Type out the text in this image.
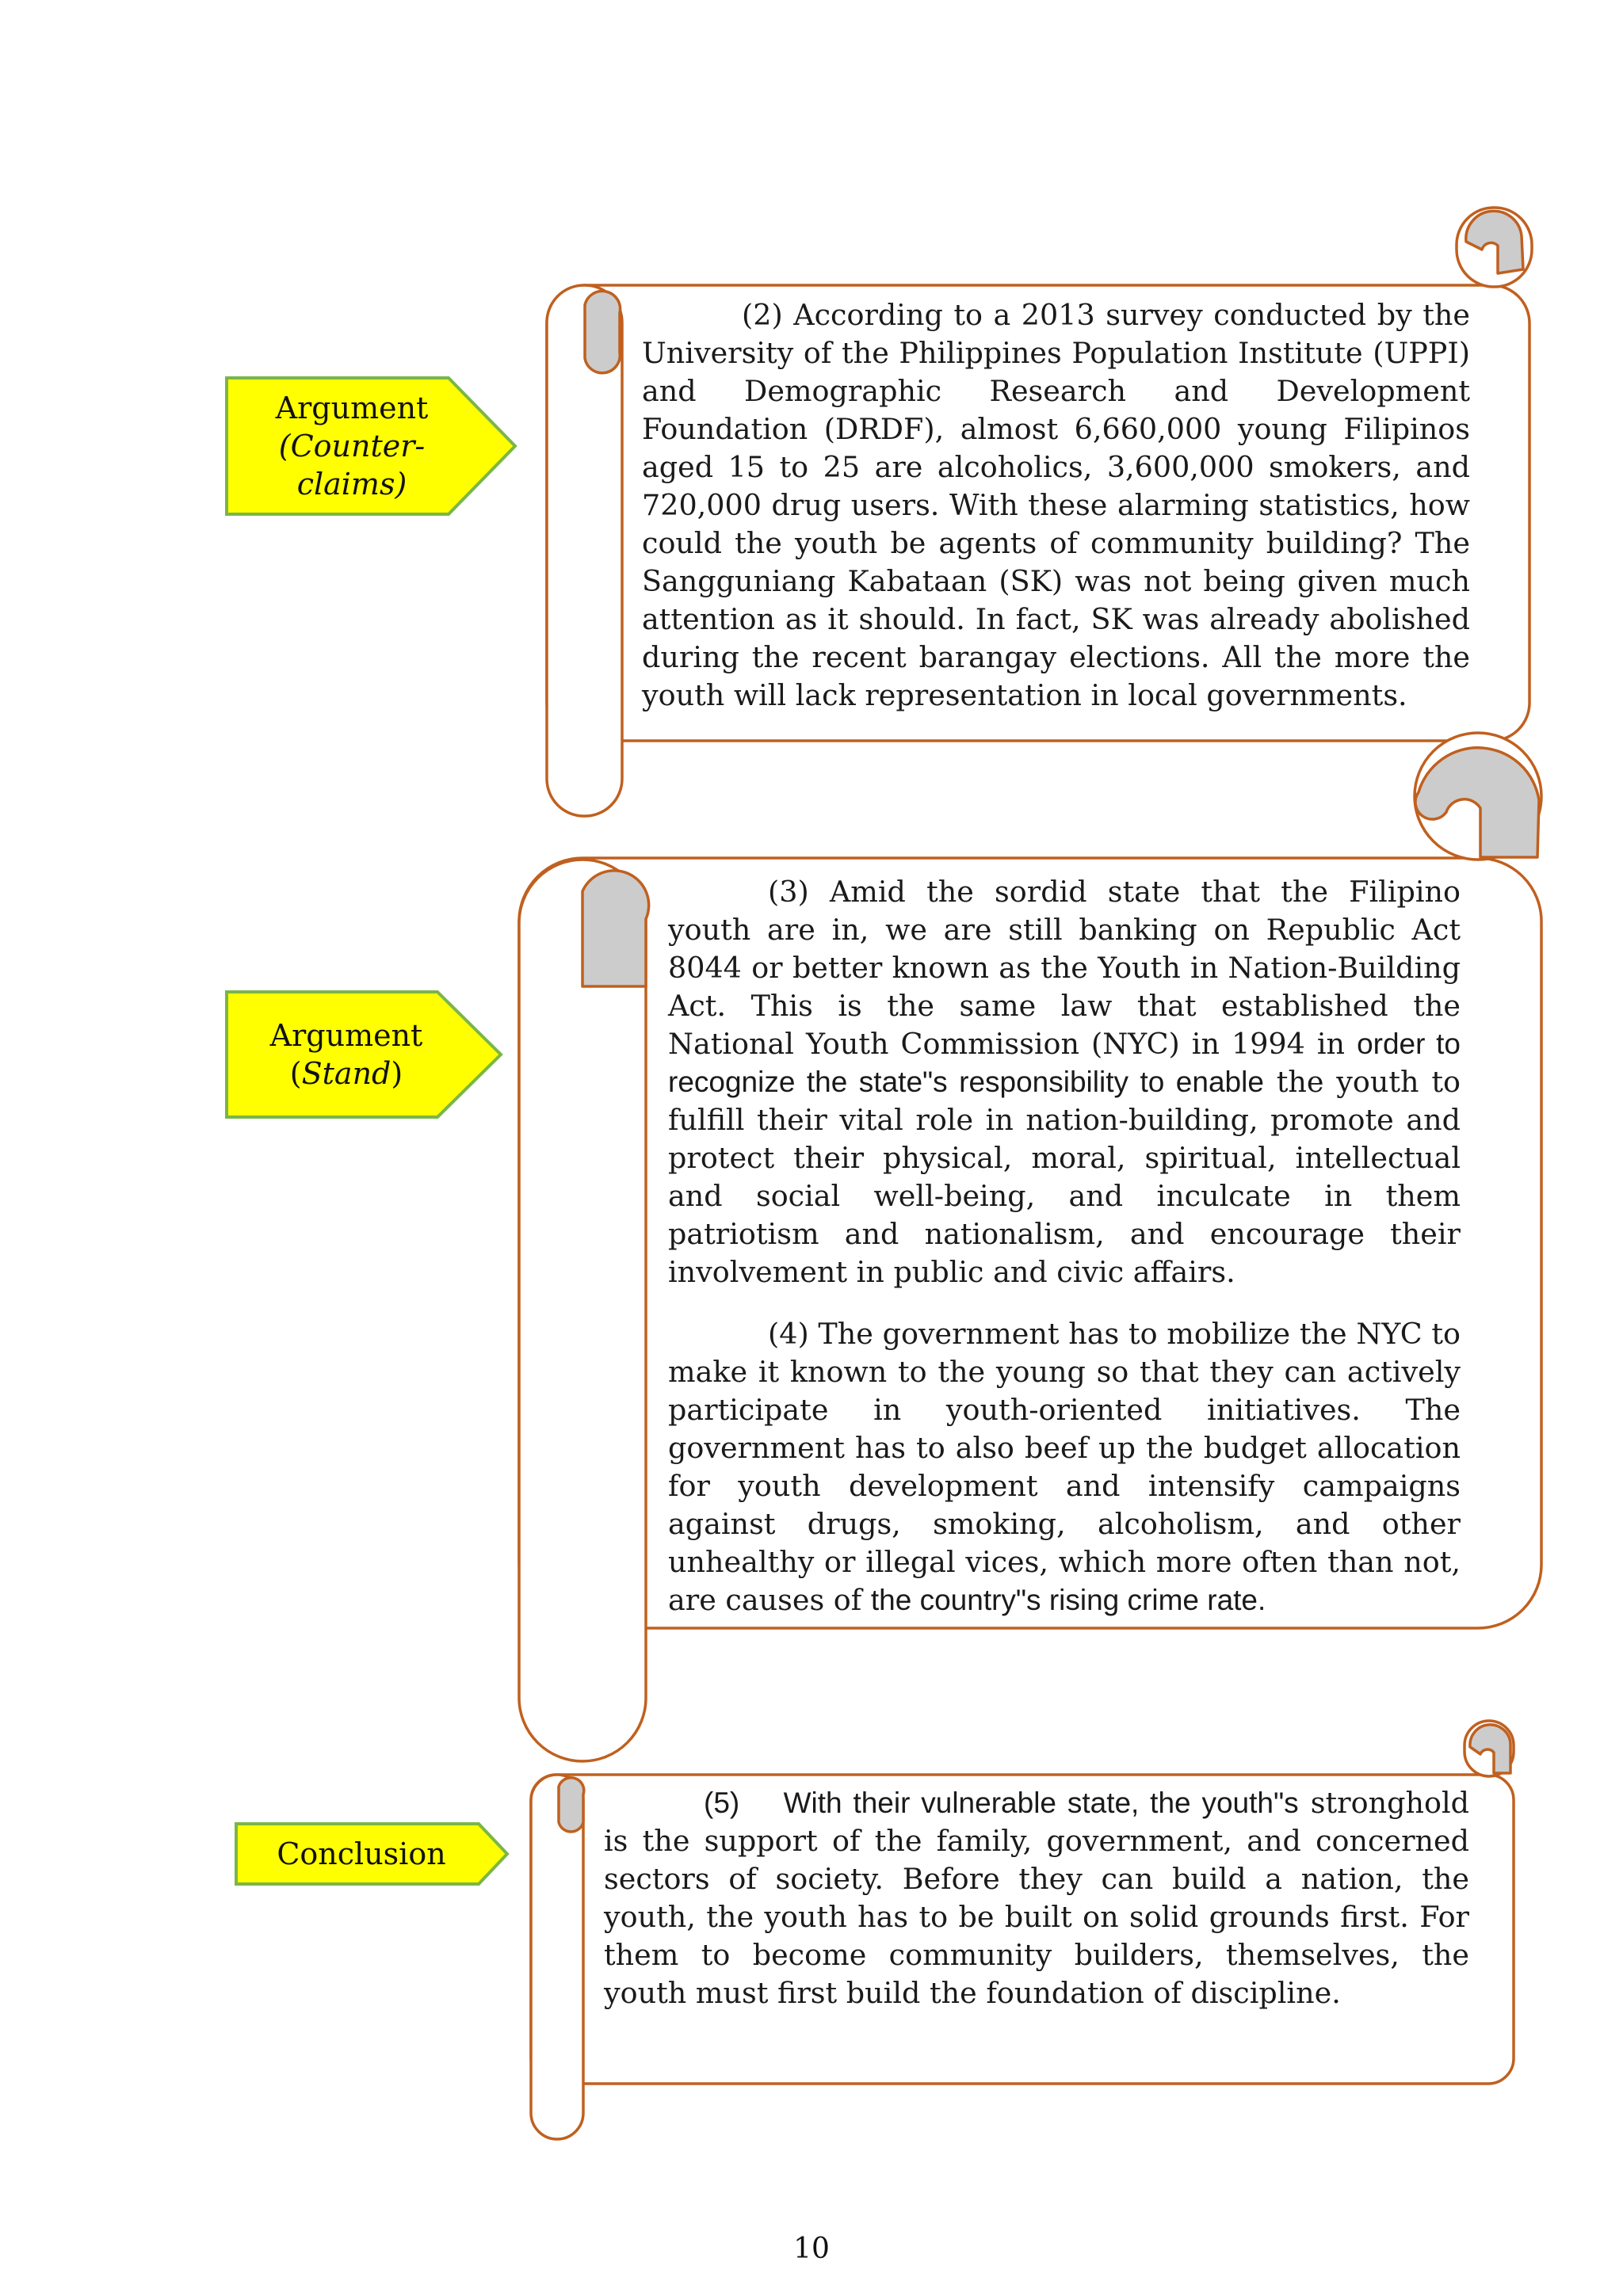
Argument
(Counter-
claims)
Argument
(Stand)
Conclusion

(2) According to a 2013 survey conducted by the University of the Philippines Population Institute (UPPI) and Demographic Research and Development Foundation (DRDF), almost 6,660,000 young Filipinos aged 15 to 25 are alcoholics, 3,600,000 smokers, and 720,000 drug users. With these alarming statistics, how could the youth be agents of community building? The Sangguniang Kabataan (SK) was not being given much attention as it should. In fact, SK was already abolished during the recent barangay elections. All the more the youth will lack representation in local governments.

(3) Amid the sordid state that the Filipino youth are in, we are still banking on Republic Act 8044 or better known as the Youth in Nation-Building Act. This is the same law that established the National Youth Commission (NYC) in 1994 in order to recognize the state"s responsibility to enable the youth to fulfill their vital role in nation-building, promote and protect their physical, moral, spiritual, intellectual and social well-being, and inculcate in them patriotism and nationalism, and encourage their involvement in public and civic affairs.

(4) The government has to mobilize the NYC to make it known to the young so that they can actively participate in youth-oriented initiatives. The government has to also beef up the budget allocation for youth development and intensify campaigns against drugs, smoking, alcoholism, and other unhealthy or illegal vices, which more often than not, are causes of the country"s rising crime rate.

(5)    With their vulnerable state, the youth"s stronghold is the support of the family, government, and concerned sectors of society. Before they can build a nation, the youth, the youth has to be built on solid grounds first. For them to become community builders, themselves, the youth must first build the foundation of discipline.

10
